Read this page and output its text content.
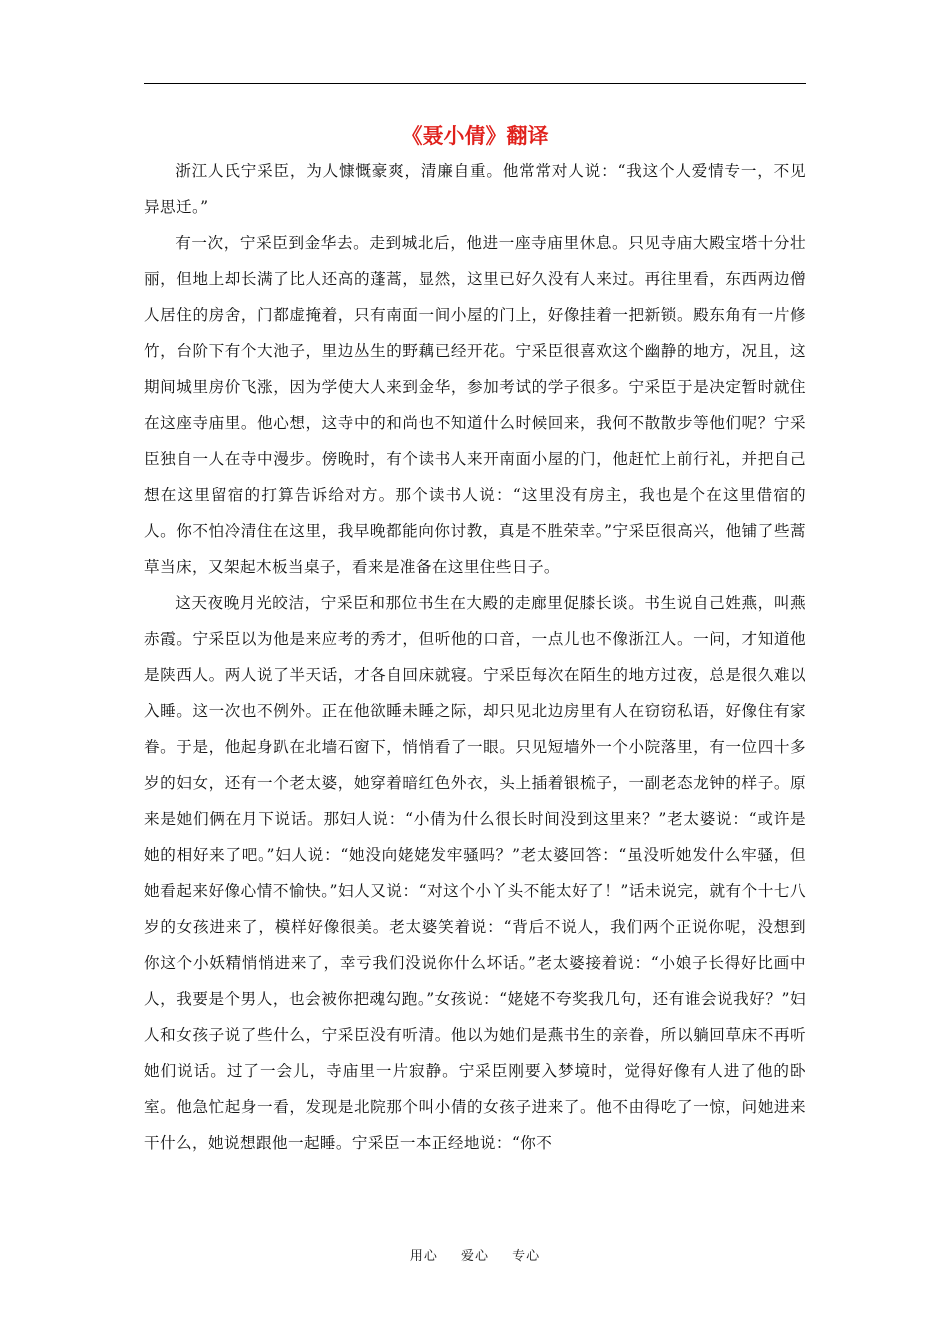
《聂小倩》翻译

浙江人氏宁采臣，为人慷慨豪爽，清廉自重。他常常对人说：“我这个人爱情专一，不见异思迁。”

有一次，宁采臣到金华去。走到城北后，他进一座寺庙里休息。只见寺庙大殿宝塔十分壮丽，但地上却长满了比人还高的蓬蒿，显然，这里已好久没有人来过。再往里看，东西两边僧人居住的房舍，门都虚掩着，只有南面一间小屋的门上，好像挂着一把新锁。殿东角有一片修竹，台阶下有个大池子，里边丛生的野藕已经开花。宁采臣很喜欢这个幽静的地方，况且，这期间城里房价飞涨，因为学使大人来到金华，参加考试的学子很多。宁采臣于是决定暂时就住在这座寺庙里。他心想，这寺中的和尚也不知道什么时候回来，我何不散散步等他们呢？宁采臣独自一人在寺中漫步。傍晚时，有个读书人来开南面小屋的门，他赶忙上前行礼，并把自己想在这里留宿的打算告诉给对方。那个读书人说：“这里没有房主，我也是个在这里借宿的人。你不怕冷清住在这里，我早晚都能向你讨教，真是不胜荣幸。”宁采臣很高兴，他铺了些蒿草当床，又架起木板当桌子，看来是准备在这里住些日子。

这天夜晚月光皎洁，宁采臣和那位书生在大殿的走廊里促膝长谈。书生说自己姓燕，叫燕赤霞。宁采臣以为他是来应考的秀才，但听他的口音，一点儿也不像浙江人。一问，才知道他是陕西人。两人说了半天话，才各自回床就寝。宁采臣每次在陌生的地方过夜，总是很久难以入睡。这一次也不例外。正在他欲睡未睡之际，却只见北边房里有人在窃窃私语，好像住有家眷。于是，他起身趴在北墙石窗下，悄悄看了一眼。只见短墙外一个小院落里，有一位四十多岁的妇女，还有一个老太婆，她穿着暗红色外衣，头上插着银梳子，一副老态龙钟的样子。原来是她们俩在月下说话。那妇人说：“小倩为什么很长时间没到这里来？”老太婆说：“或许是她的相好来了吧。”妇人说：“她没向姥姥发牢骚吗？”老太婆回答：“虽没听她发什么牢骚，但她看起来好像心情不愉快。”妇人又说：“对这个小丫头不能太好了！”话未说完，就有个十七八岁的女孩进来了，模样好像很美。老太婆笑着说：“背后不说人，我们两个正说你呢，没想到你这个小妖精悄悄进来了，幸亏我们没说你什么坏话。”老太婆接着说：“小娘子长得好比画中人，我要是个男人，也会被你把魂勾跑。”女孩说：“姥姥不夸奖我几句，还有谁会说我好？”妇人和女孩子说了些什么，宁采臣没有听清。他以为她们是燕书生的亲眷，所以躺回草床不再听她们说话。过了一会儿，寺庙里一片寂静。宁采臣刚要入梦境时，觉得好像有人进了他的卧室。他急忙起身一看，发现是北院那个叫小倩的女孩子进来了。他不由得吃了一惊，问她进来干什么，她说想跟他一起睡。宁采臣一本正经地说：“你不

用心 爱心 专心
